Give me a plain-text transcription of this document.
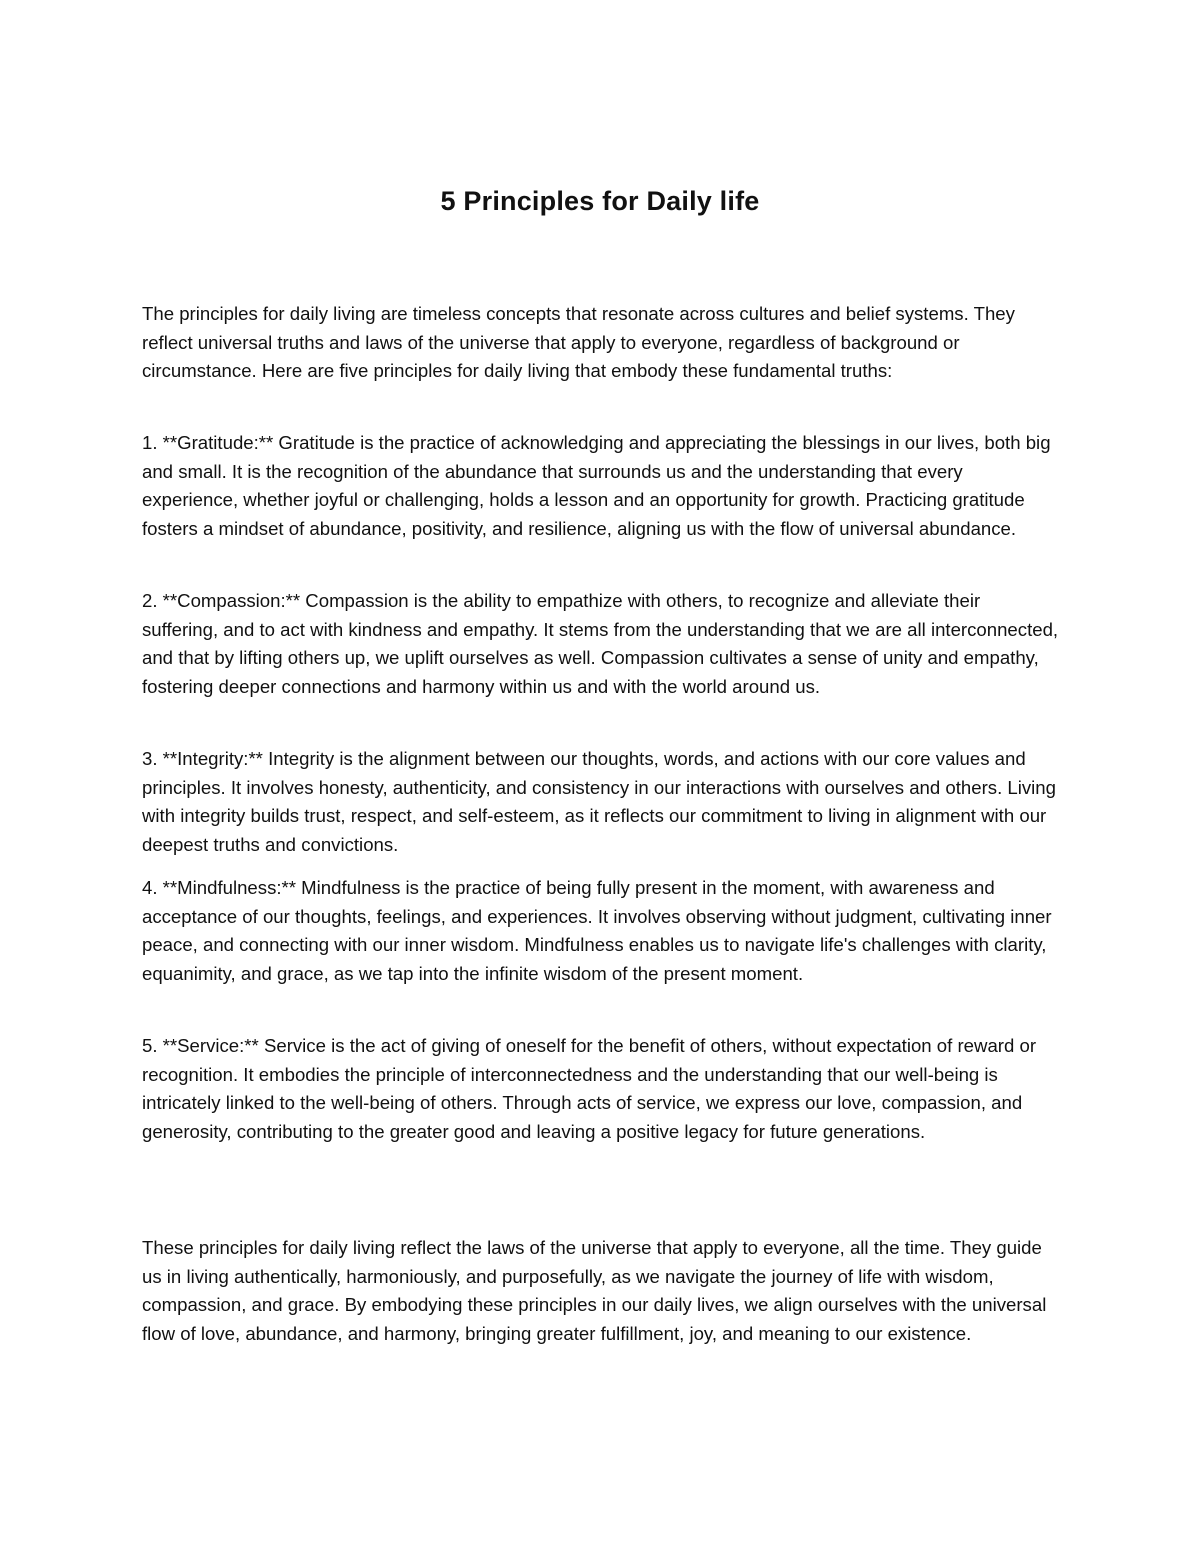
5 Principles for Daily life

The principles for daily living are timeless concepts that resonate across cultures and belief systems. They reflect universal truths and laws of the universe that apply to everyone, regardless of background or circumstance. Here are five principles for daily living that embody these fundamental truths:

1. **Gratitude:** Gratitude is the practice of acknowledging and appreciating the blessings in our lives, both big and small. It is the recognition of the abundance that surrounds us and the understanding that every experience, whether joyful or challenging, holds a lesson and an opportunity for growth. Practicing gratitude fosters a mindset of abundance, positivity, and resilience, aligning us with the flow of universal abundance.

2. **Compassion:** Compassion is the ability to empathize with others, to recognize and alleviate their suffering, and to act with kindness and empathy. It stems from the understanding that we are all interconnected, and that by lifting others up, we uplift ourselves as well. Compassion cultivates a sense of unity and empathy, fostering deeper connections and harmony within us and with the world around us.

3. **Integrity:** Integrity is the alignment between our thoughts, words, and actions with our core values and principles. It involves honesty, authenticity, and consistency in our interactions with ourselves and others. Living with integrity builds trust, respect, and self-esteem, as it reflects our commitment to living in alignment with our deepest truths and convictions.

4. **Mindfulness:** Mindfulness is the practice of being fully present in the moment, with awareness and acceptance of our thoughts, feelings, and experiences. It involves observing without judgment, cultivating inner peace, and connecting with our inner wisdom. Mindfulness enables us to navigate life's challenges with clarity, equanimity, and grace, as we tap into the infinite wisdom of the present moment.

5. **Service:** Service is the act of giving of oneself for the benefit of others, without expectation of reward or recognition. It embodies the principle of interconnectedness and the understanding that our well-being is intricately linked to the well-being of others. Through acts of service, we express our love, compassion, and generosity, contributing to the greater good and leaving a positive legacy for future generations.

These principles for daily living reflect the laws of the universe that apply to everyone, all the time. They guide us in living authentically, harmoniously, and purposefully, as we navigate the journey of life with wisdom, compassion, and grace. By embodying these principles in our daily lives, we align ourselves with the universal flow of love, abundance, and harmony, bringing greater fulfillment, joy, and meaning to our existence.
